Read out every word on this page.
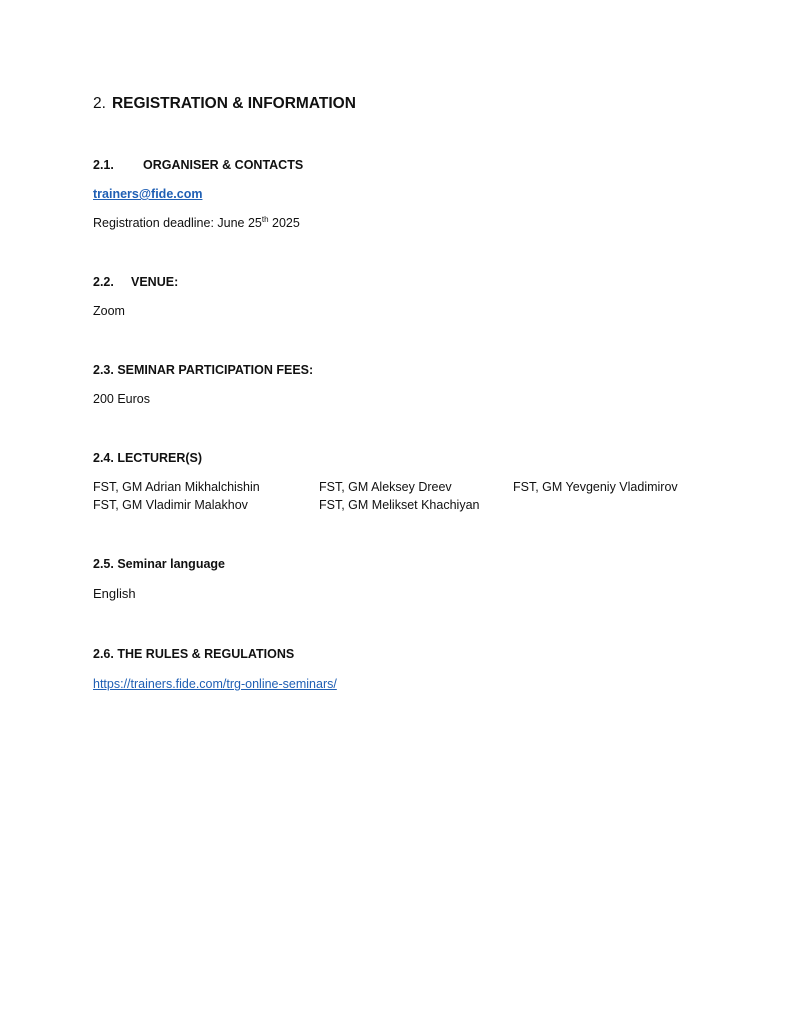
2. REGISTRATION & INFORMATION
2.1. ORGANISER & CONTACTS
trainers@fide.com
Registration deadline: June 25th 2025
2.2. VENUE:
Zoom
2.3. SEMINAR PARTICIPATION FEES:
200 Euros
2.4. LECTURER(S)
FST, GM Adrian Mikhalchishin	FST, GM Aleksey Dreev	FST, GM Yevgeniy Vladimirov
FST, GM Vladimir Malakhov	FST, GM Melikset Khachiyan
2.5. Seminar language
English
2.6. THE RULES & REGULATIONS
https://trainers.fide.com/trg-online-seminars/
